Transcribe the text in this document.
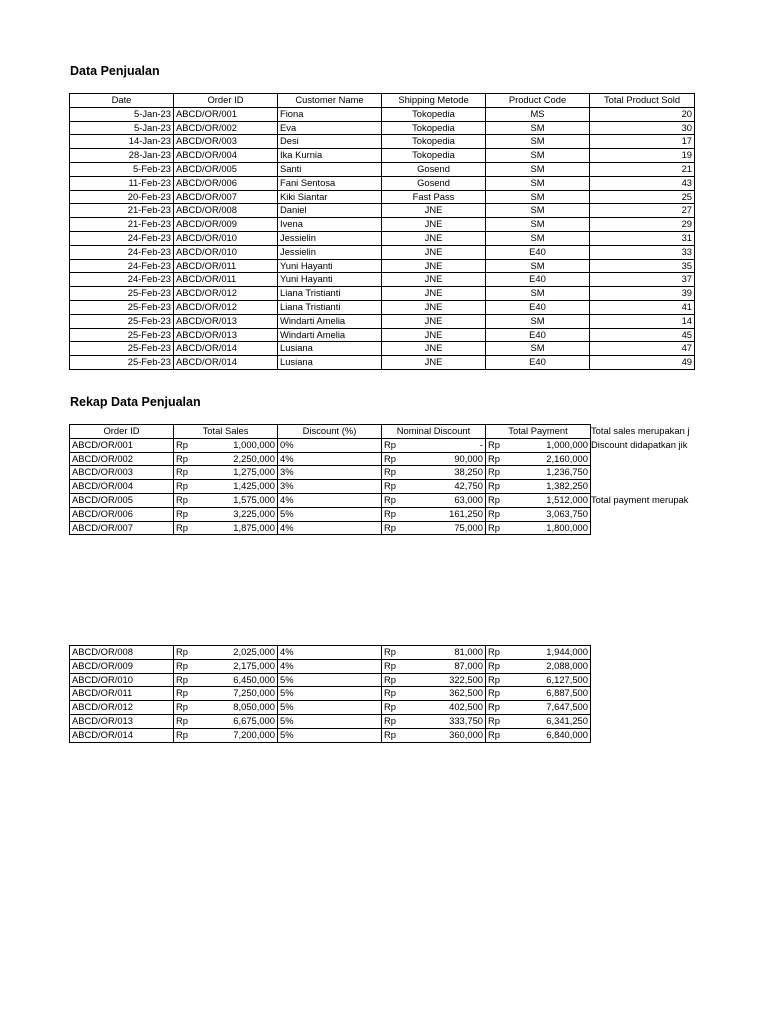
Data Penjualan
Date	Order ID	Customer Name	Shipping Metode	Product Code	Total Product Sold
5-Jan-23	ABCD/OR/001	Fiona	Tokopedia	MS	20
5-Jan-23	ABCD/OR/002	Eva	Tokopedia	SM	30
14-Jan-23	ABCD/OR/003	Desi	Tokopedia	SM	17
28-Jan-23	ABCD/OR/004	Ika Kurnia	Tokopedia	SM	19
5-Feb-23	ABCD/OR/005	Santi	Gosend	SM	21
11-Feb-23	ABCD/OR/006	Fani Sentosa	Gosend	SM	43
20-Feb-23	ABCD/OR/007	Kiki Siantar	Fast Pass	SM	25
21-Feb-23	ABCD/OR/008	Daniel	JNE	SM	27
21-Feb-23	ABCD/OR/009	Ivena	JNE	SM	29
24-Feb-23	ABCD/OR/010	Jessielin	JNE	SM	31
24-Feb-23	ABCD/OR/010	Jessielin	JNE	E40	33
24-Feb-23	ABCD/OR/011	Yuni Hayanti	JNE	SM	35
24-Feb-23	ABCD/OR/011	Yuni Hayanti	JNE	E40	37
25-Feb-23	ABCD/OR/012	Liana Tristianti	JNE	SM	39
25-Feb-23	ABCD/OR/012	Liana Tristianti	JNE	E40	41
25-Feb-23	ABCD/OR/013	Windarti Amelia	JNE	SM	14
25-Feb-23	ABCD/OR/013	Windarti Amelia	JNE	E40	45
25-Feb-23	ABCD/OR/014	Lusiana	JNE	SM	47
25-Feb-23	ABCD/OR/014	Lusiana	JNE	E40	49
Rekap Data Penjualan
Order ID	Total Sales	Discount (%)	Nominal Discount	Total Payment
ABCD/OR/001	Rp 1,000,000	0%	Rp -	Rp 1,000,000

ABCD/OR/002	Rp 2,250,000	4%	Rp 90,000	Rp 2,160,000

ABCD/OR/003	Rp 1,275,000	3%	Rp 38,250	Rp 1,236,750

ABCD/OR/004	Rp 1,425,000	3%	Rp 42,750	Rp 1,382,250

ABCD/OR/005	Rp 1,575,000	4%	Rp 63,000	Rp 1,512,000

ABCD/OR/006	Rp 3,225,000	5%	Rp 161,250	Rp 3,063,750

ABCD/OR/007	Rp 1,875,000	4%	Rp 75,000	Rp 1,800,000
Total sales merupakan j
Discount didapatkan jik
Total payment merupak
ABCD/OR/008	Rp 2,025,000	4%	Rp 81,000	Rp 1,944,000

ABCD/OR/009	Rp 2,175,000	4%	Rp 87,000	Rp 2,088,000

ABCD/OR/010	Rp 6,450,000	5%	Rp 322,500	Rp 6,127,500

ABCD/OR/011	Rp 7,250,000	5%	Rp 362,500	Rp 6,887,500

ABCD/OR/012	Rp 8,050,000	5%	Rp 402,500	Rp 7,647,500

ABCD/OR/013	Rp 6,675,000	5%	Rp 333,750	Rp 6,341,250

ABCD/OR/014	Rp 7,200,000	5%	Rp 360,000	Rp 6,840,000
